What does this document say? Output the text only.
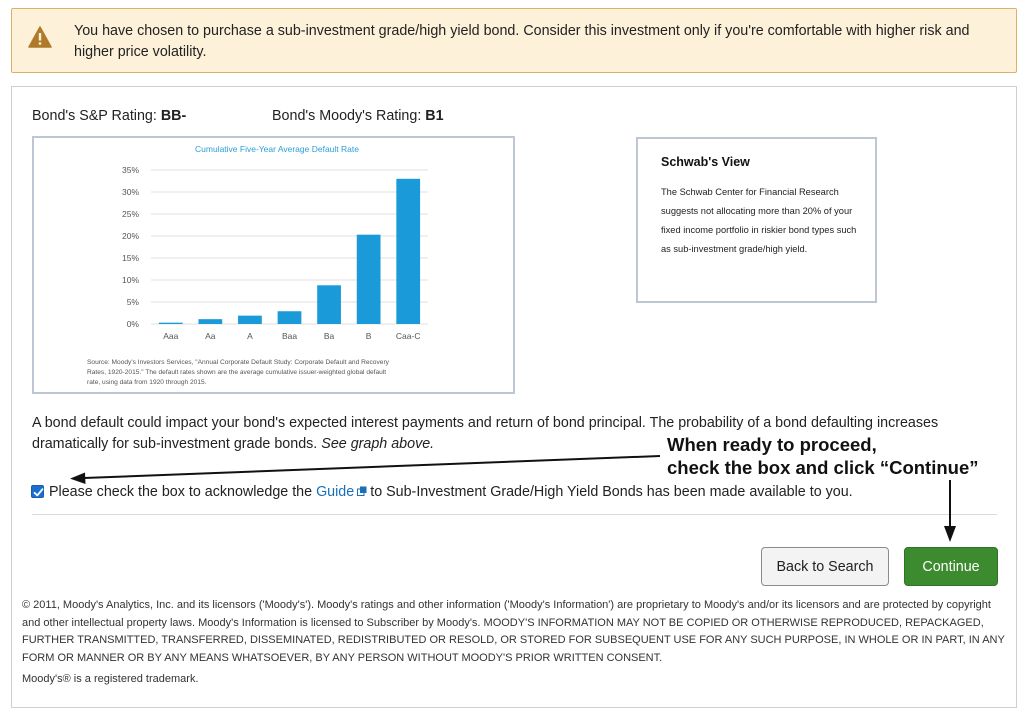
You have chosen to purchase a sub-investment grade/high yield bond. Consider this investment only if you're comfortable with higher risk and higher price volatility.
Bond's S&P Rating: BB-	Bond's Moody's Rating: B1
Cumulative Five-Year Average Default Rate
0%
5%
10%
15%
20%
25%
30%
35%
Aaa	Aa	A	Baa	Ba	B	Caa-C
Source: Moody's Investors Services, "Annual Corporate Default Study: Corporate Default and Recovery Rates, 1920-2015." The default rates shown are the average cumulative issuer-weighted global default rate, using data from 1920 through 2015.
Schwab's View
The Schwab Center for Financial Research suggests not allocating more than 20% of your fixed income portfolio in riskier bond types such as sub-investment grade/high yield.
A bond default could impact your bond's expected interest payments and return of bond principal. The probability of a bond defaulting increases dramatically for sub-investment grade bonds. See graph above.
Please check the box to acknowledge the Guide to Sub-Investment Grade/High Yield Bonds has been made available to you.
Back to Search	Continue
© 2011, Moody's Analytics, Inc. and its licensors ('Moody's'). Moody's ratings and other information ('Moody's Information') are proprietary to Moody's and/or its licensors and are protected by copyright and other intellectual property laws. Moody's Information is licensed to Subscriber by Moody's. MOODY'S INFORMATION MAY NOT BE COPIED OR OTHERWISE REPRODUCED, REPACKAGED, FURTHER TRANSMITTED, TRANSFERRED, DISSEMINATED, REDISTRIBUTED OR RESOLD, OR STORED FOR SUBSEQUENT USE FOR ANY SUCH PURPOSE, IN WHOLE OR IN PART, IN ANY FORM OR MANNER OR BY ANY MEANS WHATSOEVER, BY ANY PERSON WITHOUT MOODY'S PRIOR WRITTEN CONSENT.
Moody's® is a registered trademark.
When ready to proceed,
check the box and click “Continue”
